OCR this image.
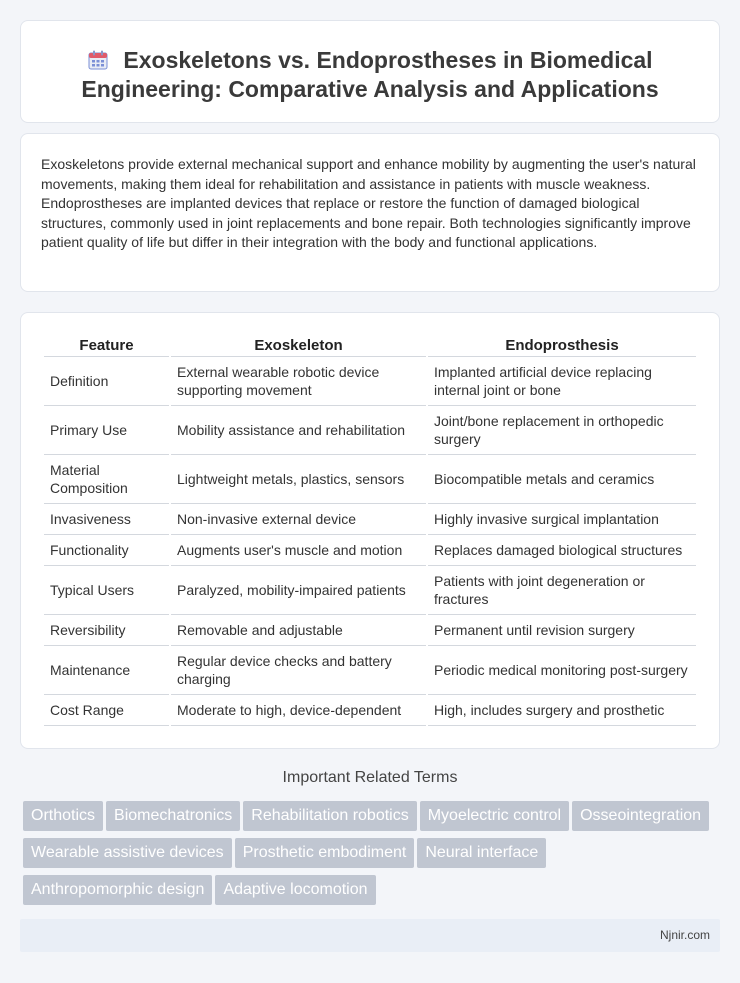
Exoskeletons vs. Endoprostheses in Biomedical Engineering: Comparative Analysis and Applications

Exoskeletons provide external mechanical support and enhance mobility by augmenting the user's natural movements, making them ideal for rehabilitation and assistance in patients with muscle weakness. Endoprostheses are implanted devices that replace or restore the function of damaged biological structures, commonly used in joint replacements and bone repair. Both technologies significantly improve patient quality of life but differ in their integration with the body and functional applications.

Feature	Exoskeleton	Endoprosthesis
Definition	External wearable robotic device supporting movement	Implanted artificial device replacing internal joint or bone
Primary Use	Mobility assistance and rehabilitation	Joint/bone replacement in orthopedic surgery
Material Composition	Lightweight metals, plastics, sensors	Biocompatible metals and ceramics
Invasiveness	Non-invasive external device	Highly invasive surgical implantation
Functionality	Augments user's muscle and motion	Replaces damaged biological structures
Typical Users	Paralyzed, mobility-impaired patients	Patients with joint degeneration or fractures
Reversibility	Removable and adjustable	Permanent until revision surgery
Maintenance	Regular device checks and battery charging	Periodic medical monitoring post-surgery
Cost Range	Moderate to high, device-dependent	High, includes surgery and prosthetic
Important Related Terms
Orthotics Biomechatronics Rehabilitation robotics Myoelectric control OsseointegrationWearable assistive devices Prosthetic embodiment Neural interfaceAnthropomorphic design Adaptive locomotion
Njnir.com
